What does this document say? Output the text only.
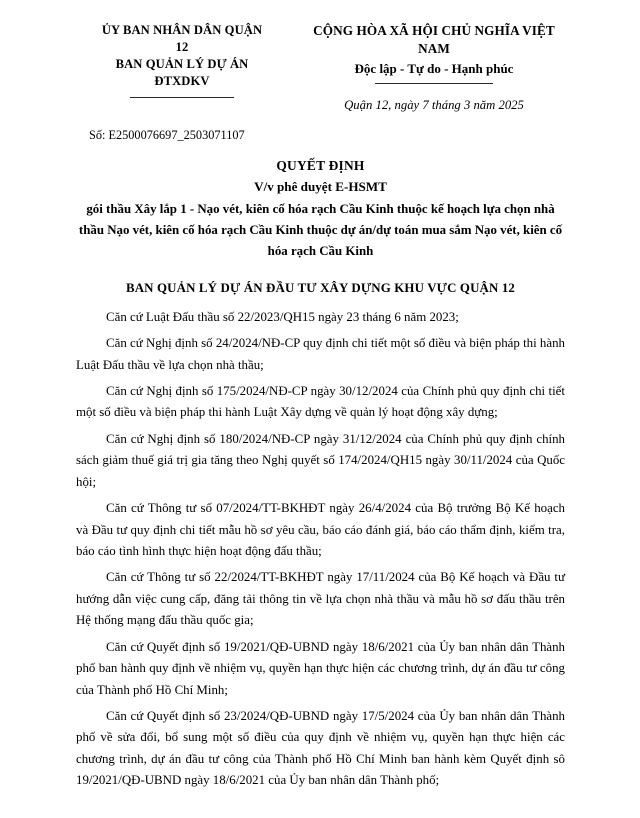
ỦY BAN NHÂN DÂN QUẬN
12
BAN QUẢN LÝ DỰ ÁN
ĐTXDKV
CỘNG HÒA XÃ HỘI CHỦ NGHĨA VIỆT NAM
Độc lập - Tự do - Hạnh phúc
Quận 12, ngày 7 tháng 3 năm 2025
Số: E2500076697_2503071107
QUYẾT ĐỊNH
V/v phê duyệt E-HSMT
gói thầu Xây lắp 1 - Nạo vét, kiên cố hóa rạch Cầu Kinh thuộc kế hoạch lựa chọn nhà thầu Nạo vét, kiên cố hóa rạch Cầu Kinh thuộc dự án/dự toán mua sắm Nạo vét, kiên cố hóa rạch Cầu Kinh
BAN QUẢN LÝ DỰ ÁN ĐẦU TƯ XÂY DỰNG KHU VỰC QUẬN 12

Căn cứ Luật Đấu thầu số 22/2023/QH15 ngày 23 tháng 6 năm 2023;

Căn cứ Nghị định số 24/2024/NĐ-CP quy định chi tiết một số điều và biện pháp thi hành Luật Đấu thầu về lựa chọn nhà thầu;

Căn cứ Nghị định số 175/2024/NĐ-CP ngày 30/12/2024 của Chính phủ quy định chi tiết một số điều và biện pháp thi hành Luật Xây dựng về quản lý hoạt động xây dựng;

Căn cứ Nghị định số 180/2024/NĐ-CP ngày 31/12/2024 của Chính phủ quy định chính sách giảm thuế giá trị gia tăng theo Nghị quyết số 174/2024/QH15 ngày 30/11/2024 của Quốc hội;

Căn cứ Thông tư số 07/2024/TT-BKHĐT ngày 26/4/2024 của Bộ trưởng Bộ Kế hoạch và Đầu tư quy định chi tiết mẫu hồ sơ yêu cầu, báo cáo đánh giá, báo cáo thẩm định, kiểm tra, báo cáo tình hình thực hiện hoạt động đấu thầu;

Căn cứ Thông tư số 22/2024/TT-BKHĐT ngày 17/11/2024 của Bộ Kế hoạch và Đầu tư hướng dẫn việc cung cấp, đăng tải thông tin về lựa chọn nhà thầu và mẫu hồ sơ đấu thầu trên Hệ thống mạng đấu thầu quốc gia;

Căn cứ Quyết định số 19/2021/QĐ-UBND ngày 18/6/2021 của Ủy ban nhân dân Thành phố ban hành quy định về nhiệm vụ, quyền hạn thực hiện các chương trình, dự án đầu tư công của Thành phố Hồ Chí Minh;

Căn cứ Quyết định số 23/2024/QĐ-UBND ngày 17/5/2024 của Ủy ban nhân dân Thành phố về sửa đổi, bổ sung một số điều của quy định về nhiệm vụ, quyền hạn thực hiện các chương trình, dự án đầu tư công của Thành phố Hồ Chí Minh ban hành kèm Quyết định sô 19/2021/QĐ-UBND ngày 18/6/2021 của Ủy ban nhân dân Thành phố;
